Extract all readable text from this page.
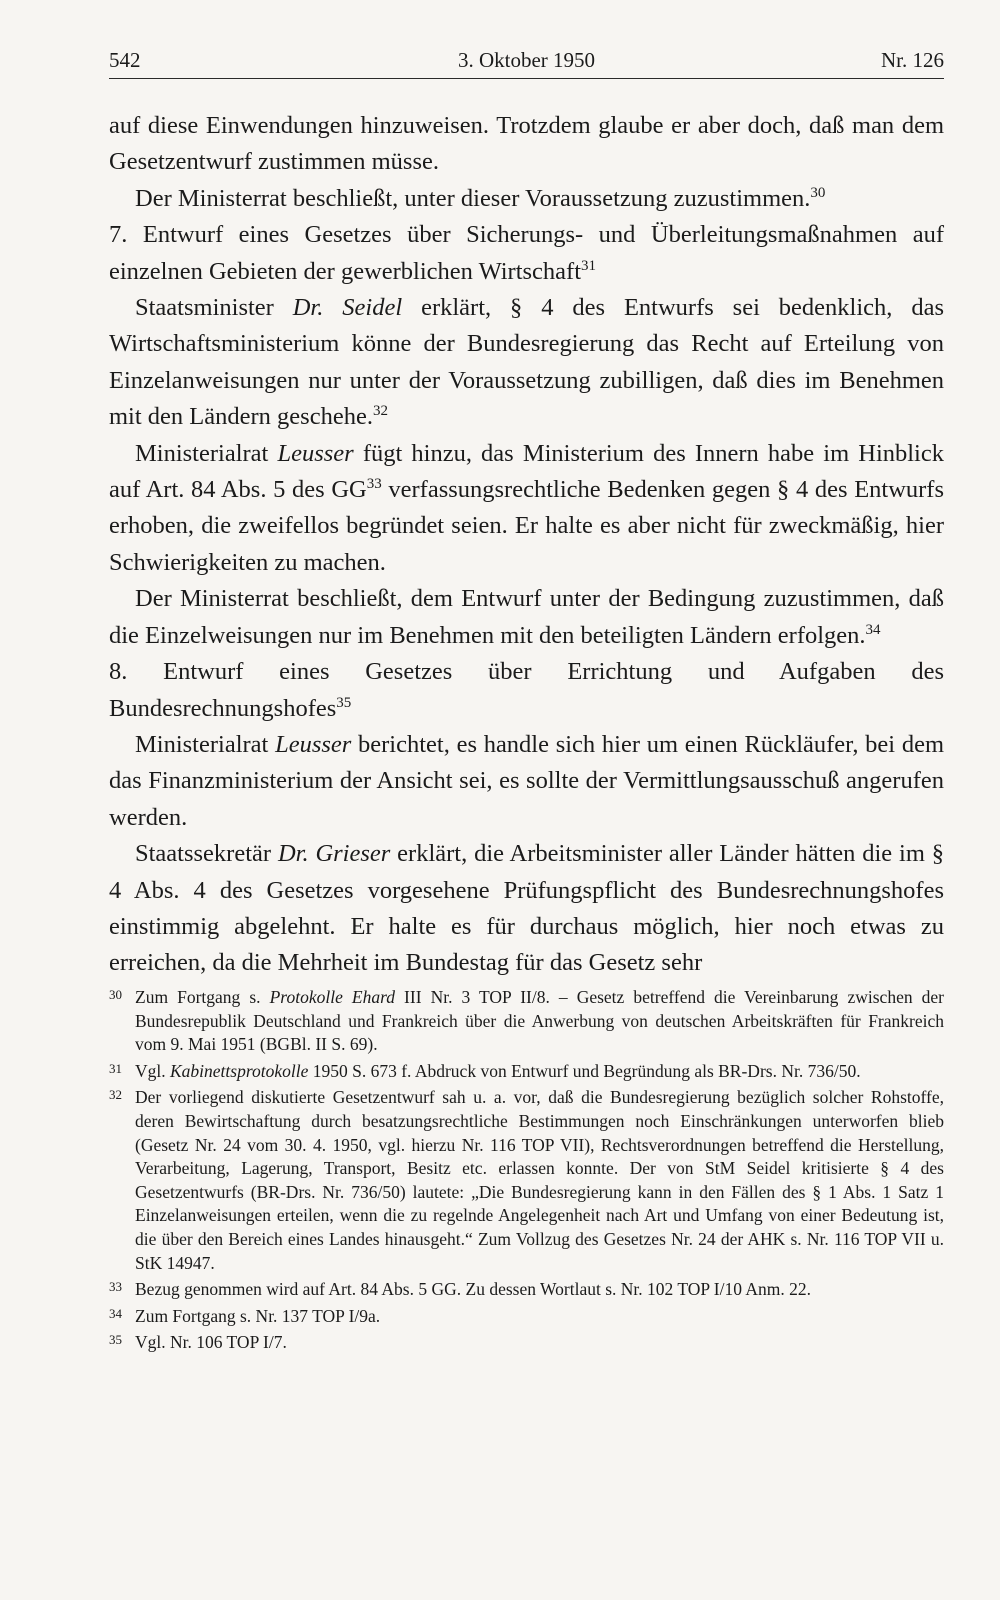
542	3. Oktober 1950	Nr. 126

auf diese Einwendungen hinzuweisen. Trotzdem glaube er aber doch, daß man dem Gesetzentwurf zustimmen müsse.

Der Ministerrat beschließt, unter dieser Voraussetzung zuzustimmen.$^{30}$

7. Entwurf eines Gesetzes über Sicherungs- und Überleitungsmaßnahmen auf einzelnen Gebieten der gewerblichen Wirtschaft$^{31}$

Staatsminister Dr. Seidel erklärt, § 4 des Entwurfs sei bedenklich, das Wirtschaftsministerium könne der Bundesregierung das Recht auf Erteilung von Einzelanweisungen nur unter der Voraussetzung zubilligen, daß dies im Benehmen mit den Ländern geschehe.$^{32}$

Ministerialrat Leusser fügt hinzu, das Ministerium des Innern habe im Hinblick auf Art. 84 Abs. 5 des GG$^{33}$ verfassungsrechtliche Bedenken gegen § 4 des Entwurfs erhoben, die zweifellos begründet seien. Er halte es aber nicht für zweckmäßig, hier Schwierigkeiten zu machen.

Der Ministerrat beschließt, dem Entwurf unter der Bedingung zuzustimmen, daß die Einzelweisungen nur im Benehmen mit den beteiligten Ländern erfolgen.$^{34}$

8. Entwurf eines Gesetzes über Errichtung und Aufgaben des Bundesrechnungshofes$^{35}$

Ministerialrat Leusser berichtet, es handle sich hier um einen Rückläufer, bei dem das Finanzministerium der Ansicht sei, es sollte der Vermittlungsausschuß angerufen werden.

Staatssekretär Dr. Grieser erklärt, die Arbeitsminister aller Länder hätten die im § 4 Abs. 4 des Gesetzes vorgesehene Prüfungspflicht des Bundesrechnungshofes einstimmig abgelehnt. Er halte es für durchaus möglich, hier noch etwas zu erreichen, da die Mehrheit im Bundestag für das Gesetz sehr

30 Zum Fortgang s. Protokolle Ehard III Nr. 3 TOP II/8. – Gesetz betreffend die Vereinbarung zwischen der Bundesrepublik Deutschland und Frankreich über die Anwerbung von deutschen Arbeitskräften für Frankreich vom 9. Mai 1951 (BGBl. II S. 69).
31 Vgl. Kabinettsprotokolle 1950 S. 673 f. Abdruck von Entwurf und Begründung als BR-Drs. Nr. 736/50.
32 Der vorliegend diskutierte Gesetzentwurf sah u. a. vor, daß die Bundesregierung bezüglich solcher Rohstoffe, deren Bewirtschaftung durch besatzungsrechtliche Bestimmungen noch Einschränkungen unterworfen blieb (Gesetz Nr. 24 vom 30. 4. 1950, vgl. hierzu Nr. 116 TOP VII), Rechtsverordnungen betreffend die Herstellung, Verarbeitung, Lagerung, Transport, Besitz etc. erlassen konnte. Der von StM Seidel kritisierte § 4 des Gesetzentwurfs (BR-Drs. Nr. 736/50) lautete: „Die Bundesregierung kann in den Fällen des § 1 Abs. 1 Satz 1 Einzelanweisungen erteilen, wenn die zu regelnde Angelegenheit nach Art und Umfang von einer Bedeutung ist, die über den Bereich eines Landes hinausgeht.“ Zum Vollzug des Gesetzes Nr. 24 der AHK s. Nr. 116 TOP VII u. StK 14947.
33 Bezug genommen wird auf Art. 84 Abs. 5 GG. Zu dessen Wortlaut s. Nr. 102 TOP I/10 Anm. 22.
34 Zum Fortgang s. Nr. 137 TOP I/9a.
35 Vgl. Nr. 106 TOP I/7.
